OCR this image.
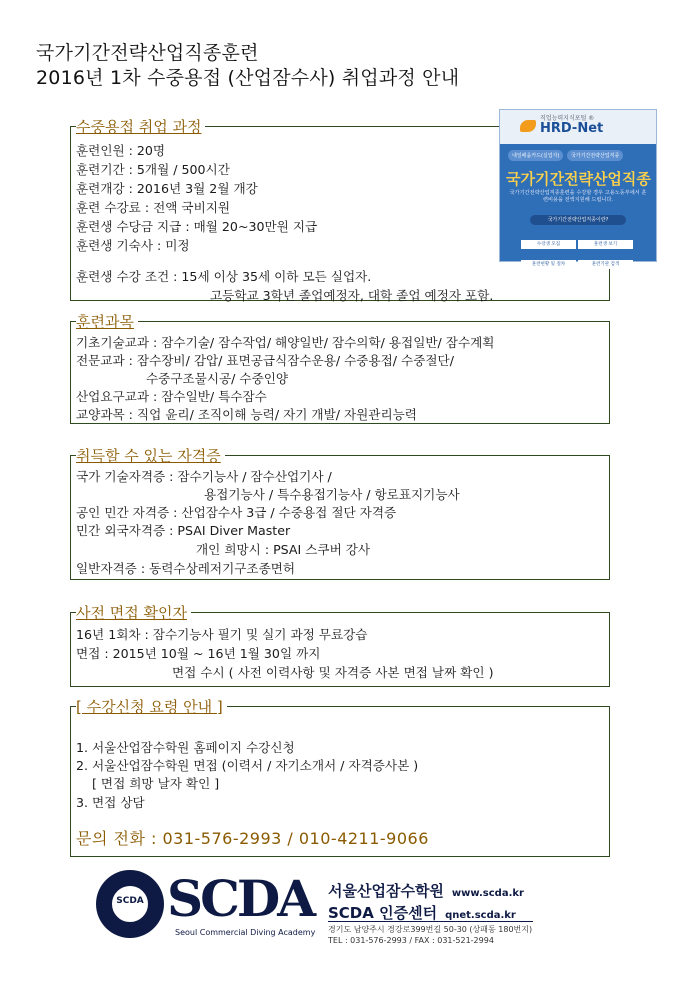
국가기간전략산업직종훈련
2016년 1차 수중용접 (산업잠수사) 취업과정 안내
수중용접 취업 과정
훈련인원 : 20명
훈련기간 : 5개월 / 500시간
훈련개강 : 2016년 3월 2월 개강
훈련 수강료 : 전액 국비지원
훈련생 수당금 지급 : 매월 20~30만원 지급
훈련생 기숙사 : 미정
훈련생 수강 조건 : 15세 이상 35세 이하 모든 실업자.
고등학교 3학년 졸업예정자, 대학 졸업 예정자 포함.
직업능력지식포털 ®
HRD-Net
내일배움카드(실업자) 국가기간전략산업직종
국가기간전략산업직종
국가기간전략산업직종훈련을 수강할 경우 고용노동부에서 훈련비용을 전액지원해 드립니다.
국가기간전략산업직종이란?
수강생 모집	훈련생 보기훈련현황 및 절차	훈련기관 검색
훈련과목
기초기술교과 : 잠수기술/ 잠수작업/ 해양일반/ 잠수의학/ 용접일반/ 잠수계획
전문교과 : 잠수장비/ 감압/ 표면공급식잠수운용/ 수중용접/ 수중절단/
수중구조물시공/ 수중인양
산업요구교과 : 잠수일반/ 특수잠수
교양과목 : 직업 윤리/ 조직이해 능력/ 자기 개발/ 자원관리능력
취득할 수 있는 자격증
국가 기술자격증 : 잠수기능사 / 잠수산업기사 /
용접기능사 / 특수용접기능사 / 항로표지기능사
공인 민간 자격증 : 산업잠수사 3급 / 수중용접 절단 자격증
민간 외국자격증 : PSAI Diver Master
개인 희망시 : PSAI 스쿠버 강사
일반자격증 : 동력수상레저기구조종면허
사전 면접 확인자
16년 1회차 : 잠수기능사 필기 및 실기 과정 무료강습
면접 : 2015년 10월 ~ 16년 1월 30일 까지
면접 수시 ( 사전 이력사항 및 자격증 사본 면접 날짜 확인 )
[ 수강신청 요령 안내 ]
1. 서울산업잠수학원 홈페이지 수강신청
2. 서울산업잠수학원 면접 (이력서 / 자기소개서 / 자격증사본 )
[ 면접 희망 날자 확인 ]
3. 면접 상담
문의 전화 : 031-576-2993 / 010-4211-9066
SCDA SCDA
Seoul Commercial Diving Academy
서울산업잠수학원 www.scda.kr
SCDA 인증센터 qnet.scda.kr
경기도 남양주시 경강로399번길 50-30 (상패동 180번지)
TEL : 031-576-2993 / FAX : 031-521-2994
